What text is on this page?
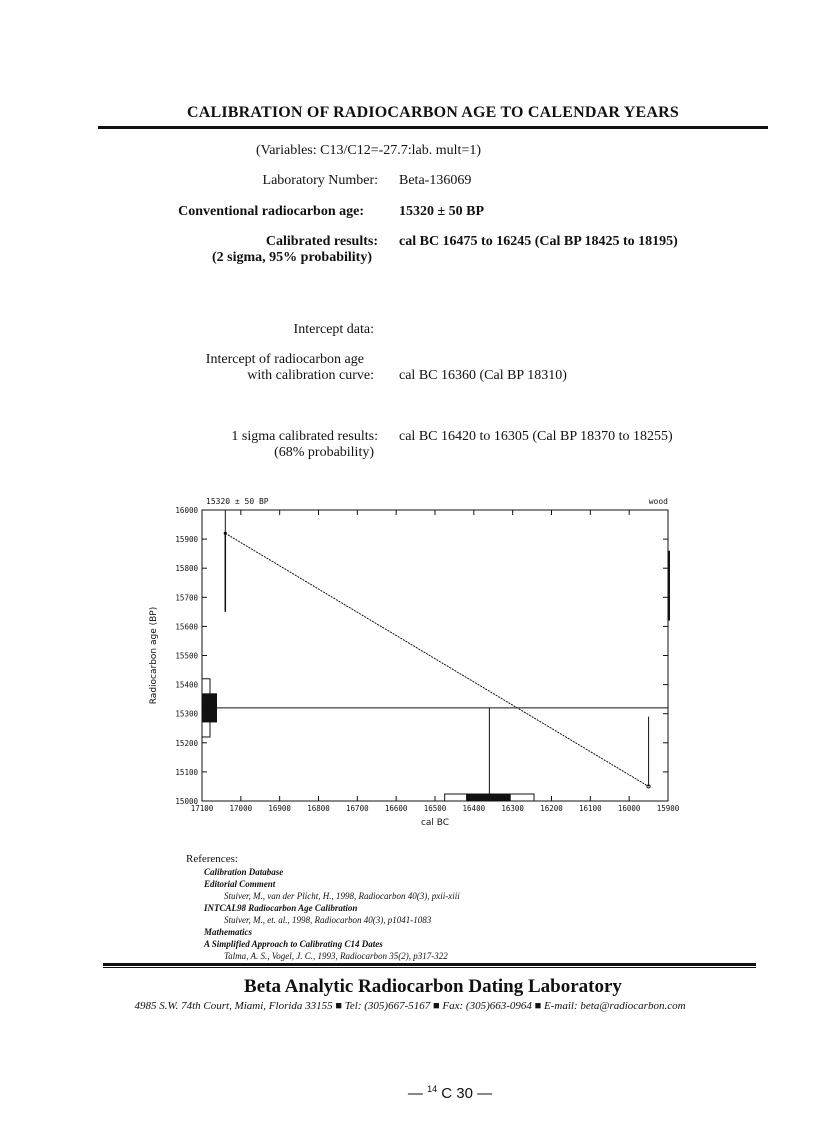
CALIBRATION OF RADIOCARBON AGE TO CALENDAR YEARS
(Variables: C13/C12=-27.7:lab. mult=1)
Laboratory Number: Beta-136069
Conventional radiocarbon age:	15320 ± 50 BP
Calibrated results:
(2 sigma, 95% probability)
cal BC 16475 to 16245 (Cal BP 18425 to 18195)
Intercept data:
Intercept of radiocarbon age
with calibration curve: cal BC 16360 (Cal BP 18310)
1 sigma calibrated results:
(68% probability)
cal BC 16420 to 16305 (Cal BP 18370 to 18255)
17100 17000 16900 16800 16700 16600 16500 16400 16300 16200 16100 16000 15900
15000
15100
15200
15300
15400
15500
15600
15700
15800
15900
16000
15320 ± 50 BP	wood
cal BC
Radiocarbon age (BP)
References:
Calibration Database
Editorial Comment
Stuiver, M., van der Plicht, H., 1998, Radiocarbon 40(3), pxii-xiii
INTCAL98 Radiocarbon Age Calibration
Stuiver, M., et. al., 1998, Radiocarbon 40(3), p1041-1083
Mathematics
A Simplified Approach to Calibrating C14 Dates
Talma, A. S., Vogel, J. C., 1993, Radiocarbon 35(2), p317-322
Beta Analytic Radiocarbon Dating Laboratory
4985 S.W. 74th Court, Miami, Florida 33155 ■ Tel: (305)667-5167 ■ Fax: (305)663-0964 ■ E-mail: beta@radiocarbon.com
— $^{14}$ C 30 —
